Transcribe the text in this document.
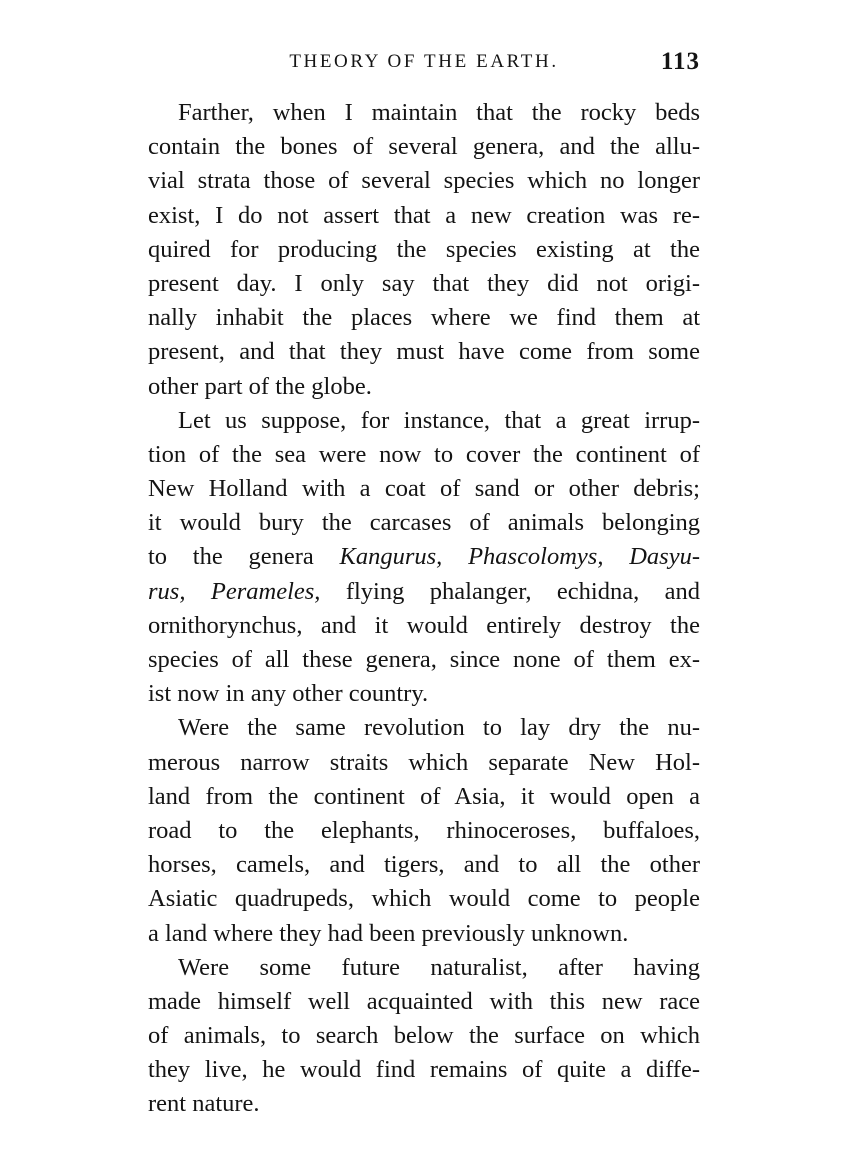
THEORY OF THE EARTH.	113
Farther, when I maintain that the rocky beds
contain the bones of several genera, and the allu-
vial strata those of several species which no longer
exist, I do not assert that a new creation was re-
quired for producing the species existing at the
present day. I only say that they did not origi-
nally inhabit the places where we find them at
present, and that they must have come from some
other part of the globe.
Let us suppose, for instance, that a great irrup-
tion of the sea were now to cover the continent of
New Holland with a coat of sand or other debris;
it would bury the carcases of animals belonging
to the genera Kangurus, Phascolomys, Dasyu-
rus, Perameles, flying phalanger, echidna, and
ornithorynchus, and it would entirely destroy the
species of all these genera, since none of them ex-
ist now in any other country.
Were the same revolution to lay dry the nu-
merous narrow straits which separate New Hol-
land from the continent of Asia, it would open a
road to the elephants, rhinoceroses, buffaloes,
horses, camels, and tigers, and to all the other
Asiatic quadrupeds, which would come to people
a land where they had been previously unknown.
Were some future naturalist, after having
made himself well acquainted with this new race
of animals, to search below the surface on which
they live, he would find remains of quite a diffe-
rent nature.
